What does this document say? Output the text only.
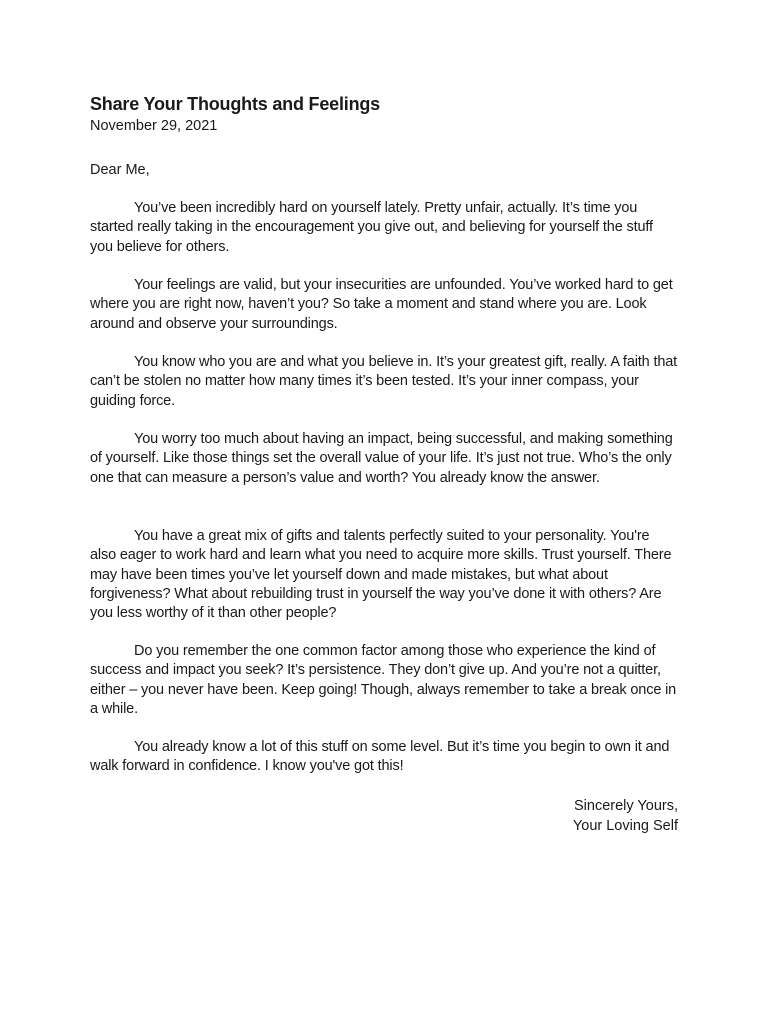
Share Your Thoughts and Feelings

November 29, 2021

Dear Me,

You’ve been incredibly hard on yourself lately. Pretty unfair, actually. It’s time you started really taking in the encouragement you give out, and believing for yourself the stuff you believe for others.

Your feelings are valid, but your insecurities are unfounded. You’ve worked hard to get where you are right now, haven’t you? So take a moment and stand where you are. Look around and observe your surroundings.

You know who you are and what you believe in. It’s your greatest gift, really. A faith that can’t be stolen no matter how many times it’s been tested. It’s your inner compass, your guiding force.

You worry too much about having an impact, being successful, and making something of yourself. Like those things set the overall value of your life. It’s just not true. Who’s the only one that can measure a person’s value and worth? You already know the answer.

You have a great mix of gifts and talents perfectly suited to your personality. You're also eager to work hard and learn what you need to acquire more skills. Trust yourself. There may have been times you’ve let yourself down and made mistakes, but what about forgiveness? What about rebuilding trust in yourself the way you’ve done it with others? Are you less worthy of it than other people?

Do you remember the one common factor among those who experience the kind of success and impact you seek? It’s persistence. They don’t give up. And you’re not a quitter, either – you never have been. Keep going! Though, always remember to take a break once in a while.

You already know a lot of this stuff on some level. But it’s time you begin to own it and walk forward in confidence. I know you've got this!

Sincerely Yours,
Your Loving Self
